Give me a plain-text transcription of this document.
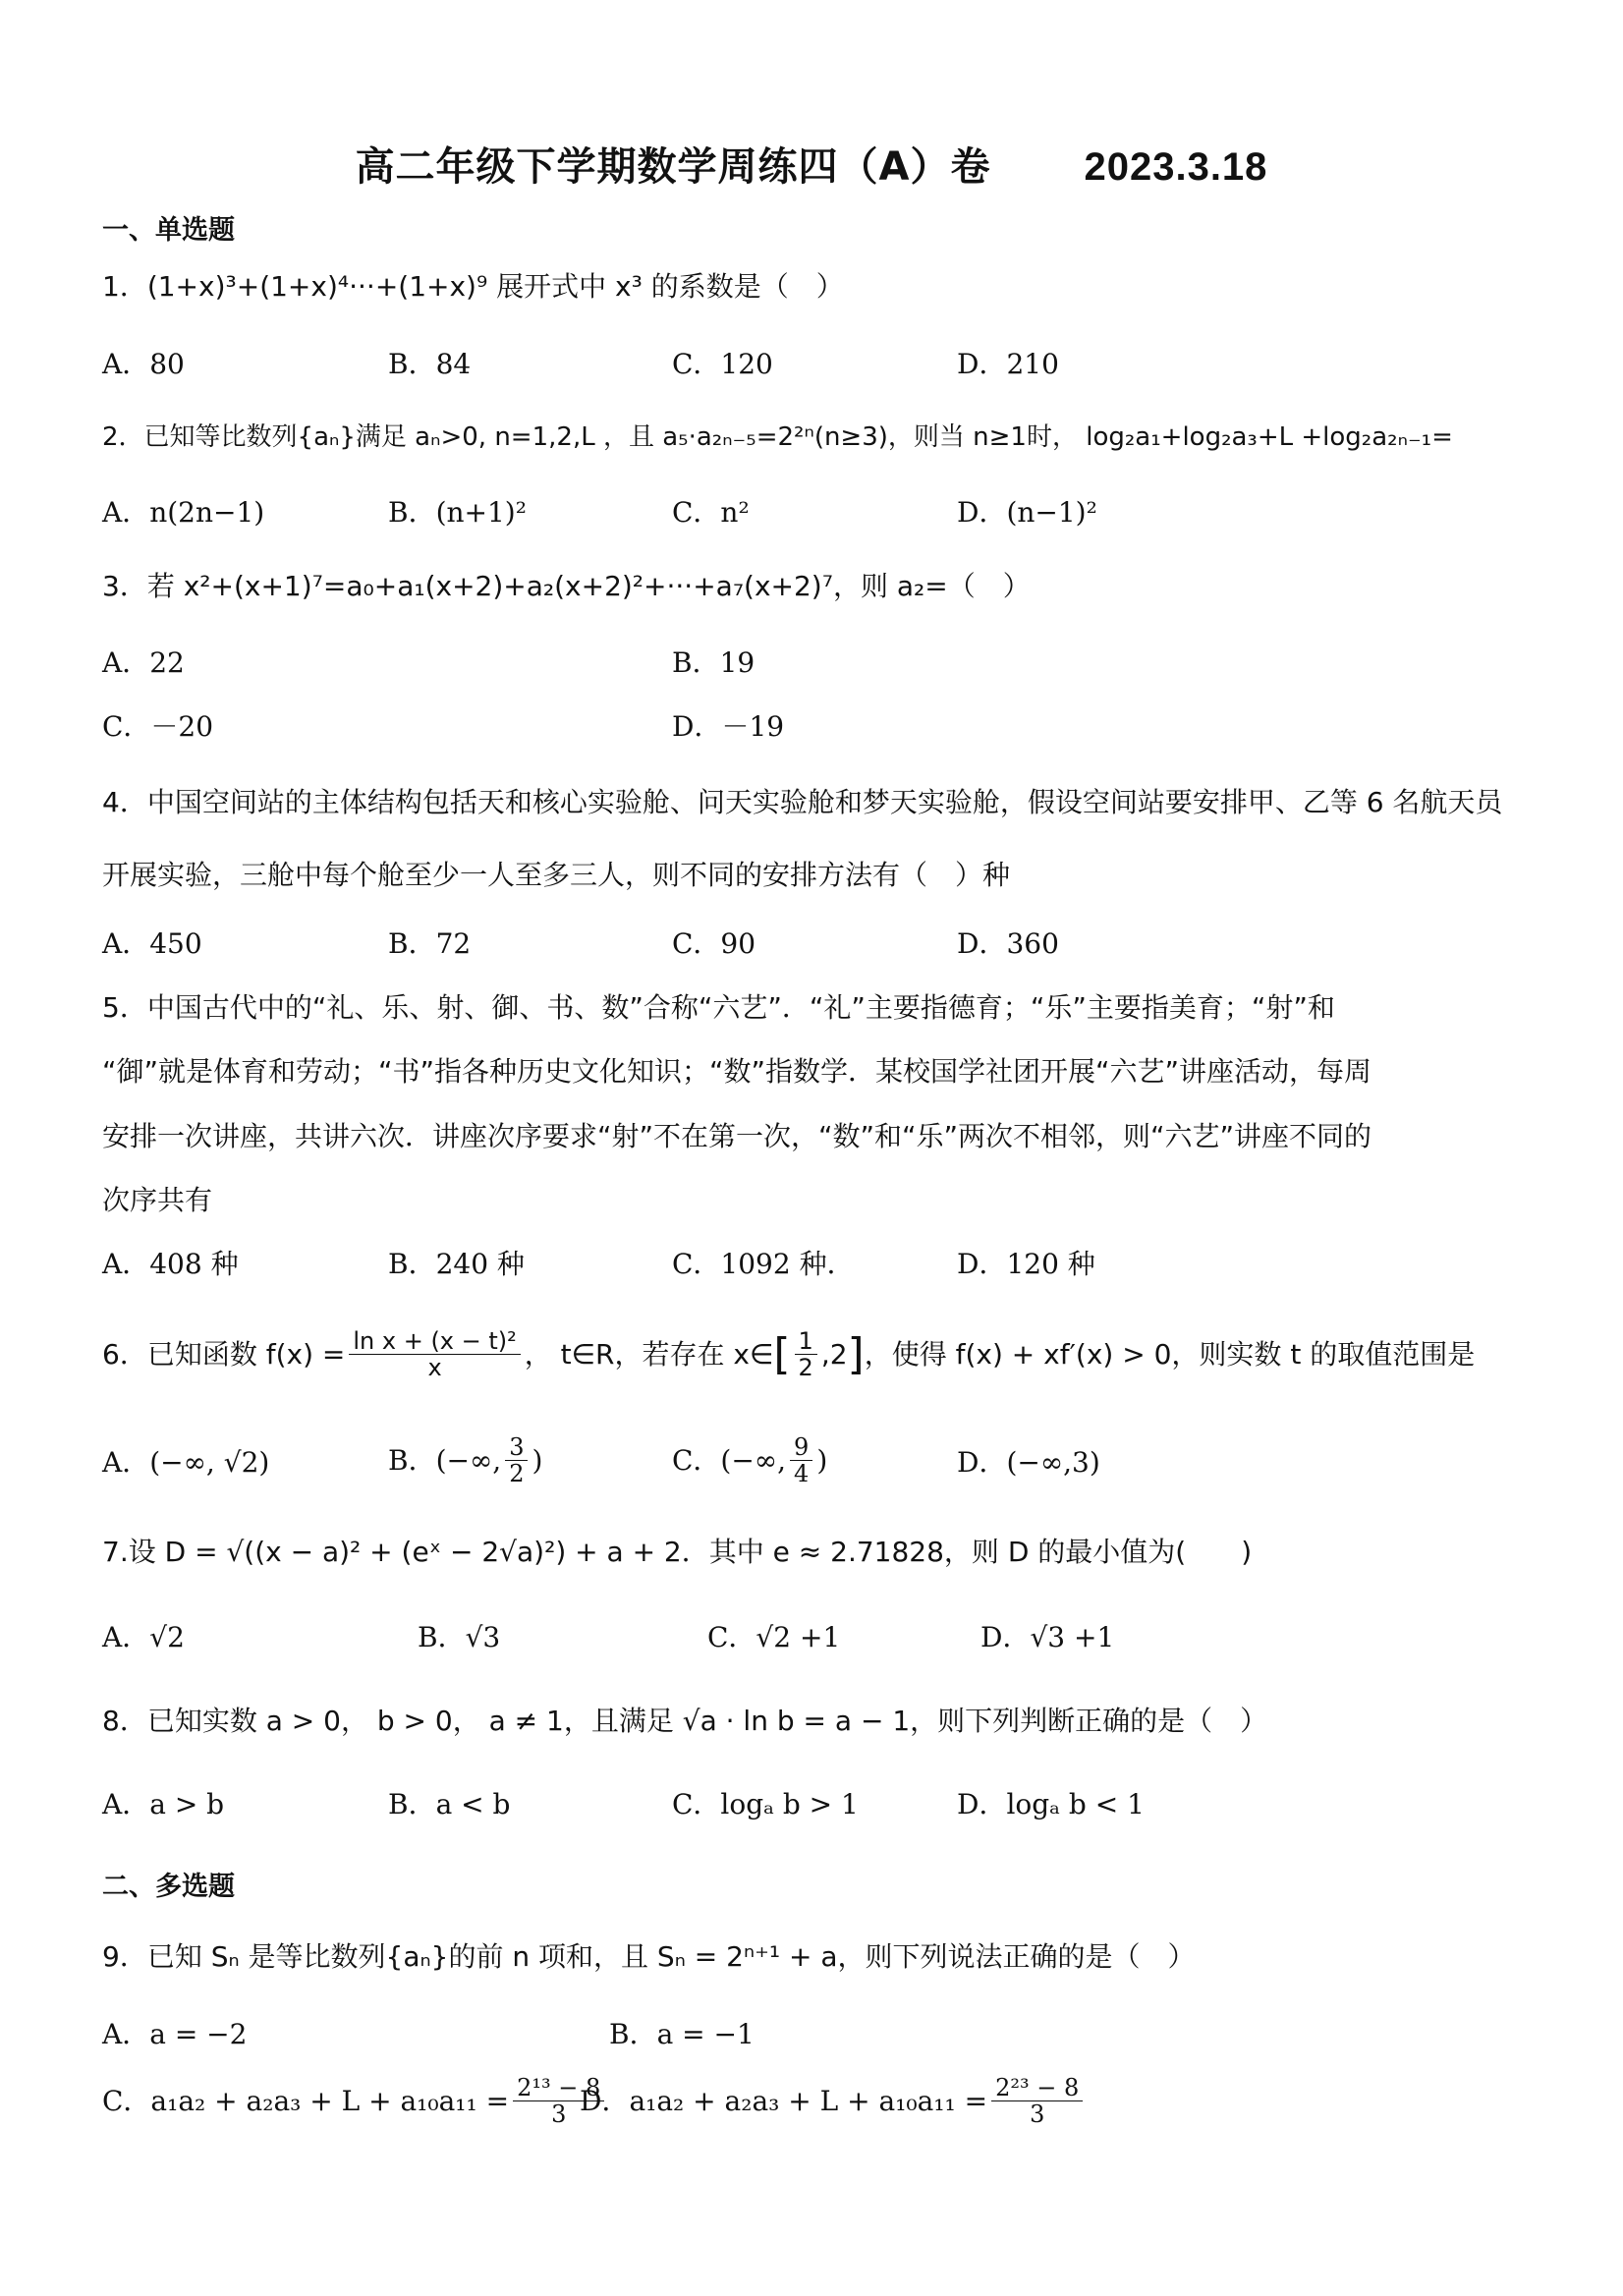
高二年级下学期数学周练四（A）卷 2023.3.18
一、单选题
1．(1+x)³+(1+x)⁴···+(1+x)⁹ 展开式中 x³ 的系数是（　）
A．80	B．84	C．120	D．210
2．已知等比数列{aₙ}满足 aₙ>0, n=1,2,L ，且 a₅·a₂ₙ₋₅=2²ⁿ(n≥3)，则当 n≥1时， log₂a₁+log₂a₃+L +log₂a₂ₙ₋₁=
A．n(2n−1)	B．(n+1)²	C．n²	D．(n−1)²
3．若 x²+(x+1)⁷=a₀+a₁(x+2)+a₂(x+2)²+···+a₇(x+2)⁷，则 a₂=（　）
A．22	B．19
C．－20	D．－19
4．中国空间站的主体结构包括天和核心实验舱、问天实验舱和梦天实验舱，假设空间站要安排甲、乙等 6 名航天员
开展实验，三舱中每个舱至少一人至多三人，则不同的安排方法有（　）种
A．450	B．72	C．90	D．360
5．中国古代中的“礼、乐、射、御、书、数”合称“六艺”．“礼”主要指德育；“乐”主要指美育；“射”和
“御”就是体育和劳动；“书”指各种历史文化知识；“数”指数学．某校国学社团开展“六艺”讲座活动，每周
安排一次讲座，共讲六次．讲座次序要求“射”不在第一次，“数”和“乐”两次不相邻，则“六艺”讲座不同的
次序共有
A．408 种	B．240 种	C．1092 种．	D．120 种
6．已知函数 $f(x) = \frac{\text{ln x + (x − t)²}}{x}$ ， t∈R，若存在 x∈ [ $\frac{1}{2} ,2$ ] ，使得 f(x) + xf′(x) > 0，则实数 t 的取值范围是
A．(−∞, √2)	B．(−∞, $\frac{3}{2}$ )	C．(−∞, $\frac{9}{4}$ )	D．(−∞,3)
7.设 D = √((x − a)² + (eˣ − 2√a)²) + a + 2．其中 e ≈ 2.71828，则 D 的最小值为(　　)
A．√2	B．√3	C．√2 +1	D．√3 +1
8．已知实数 a > 0， b > 0， a ≠ 1，且满足 √a · ln b = a − 1，则下列判断正确的是（　）
A．a > b	B．a < b	C．logₐ b > 1	D．logₐ b < 1
二、多选题
9．已知 Sₙ 是等比数列{aₙ}的前 n 项和，且 Sₙ = 2ⁿ⁺¹ + a，则下列说法正确的是（　）
A．a = −2	B．a = −1
C．$a_1a_2 + a_2a_3 + L + a_{10}a_{11} = \frac{\text{2¹³ − 8}}{3}$
D．$a_1a_2 + a_2a_3 + L + a_{10}a_{11} = \frac{\text{2²³ − 8}}{3}$
